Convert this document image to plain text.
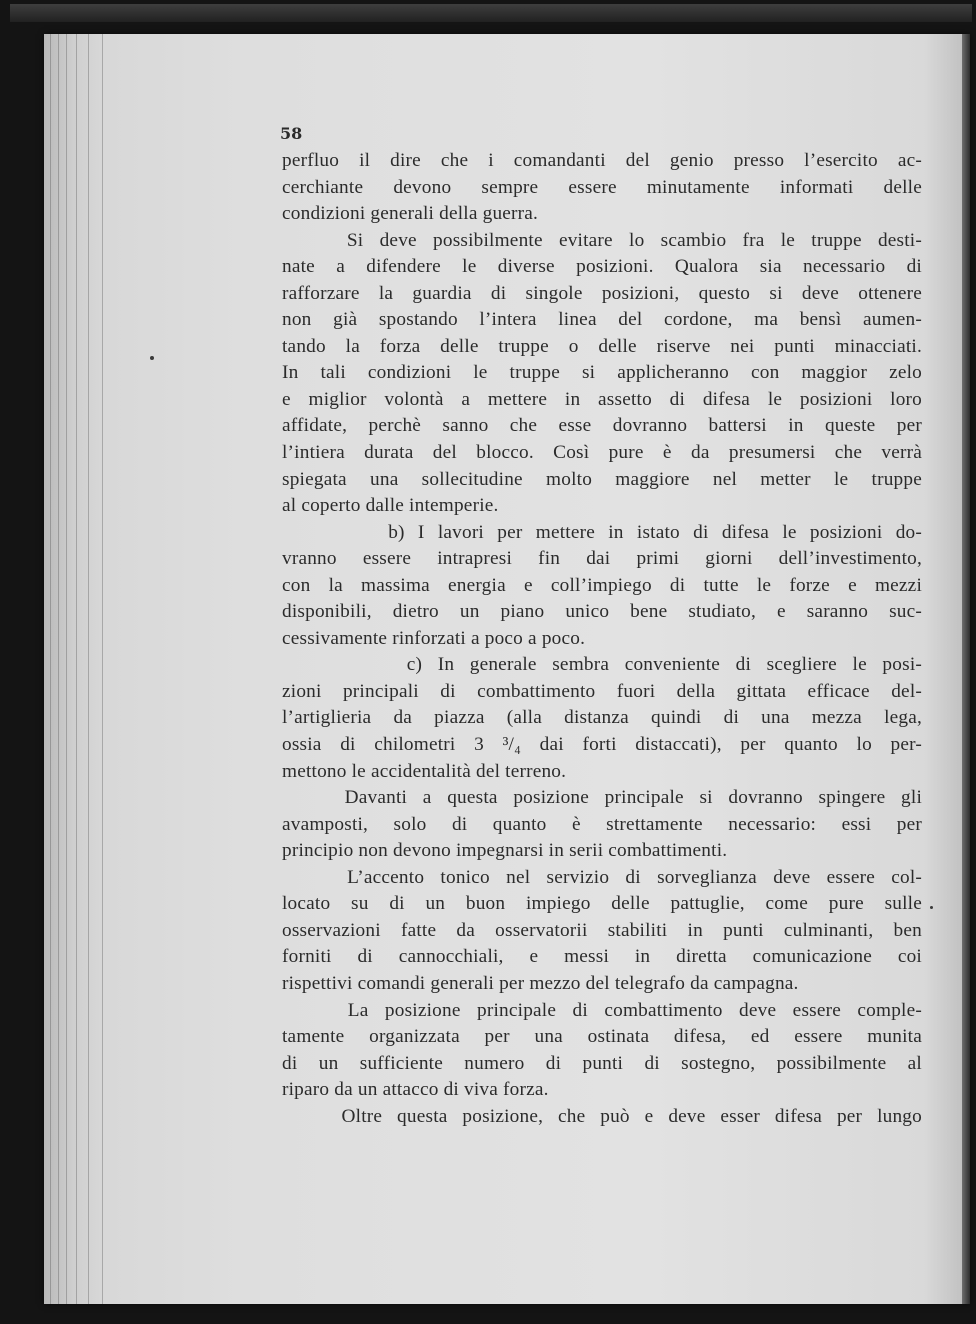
58
perfluo il dire che i comandanti del genio presso l’esercito ac-
cerchiante devono sempre essere minutamente informati delle
condizioni generali della guerra.
Si deve possibilmente evitare lo scambio fra le truppe desti-
nate a difendere le diverse posizioni. Qualora sia necessario di
rafforzare la guardia di singole posizioni, questo si deve ottenere
non già spostando l’intera linea del cordone, ma bensì aumen-
tando la forza delle truppe o delle riserve nei punti minacciati.
In tali condizioni le truppe si applicheranno con maggior zelo
e miglior volontà a mettere in assetto di difesa le posizioni loro
affidate, perchè sanno che esse dovranno battersi in queste per
l’intiera durata del blocco. Così pure è da presumersi che verrà
spiegata una sollecitudine molto maggiore nel metter le truppe
al coperto dalle intemperie.
b) I lavori per mettere in istato di difesa le posizioni do-
vranno essere intrapresi fin dai primi giorni dell’investimento,
con la massima energia e coll’impiego di tutte le forze e mezzi
disponibili, dietro un piano unico bene studiato, e saranno suc-
cessivamente rinforzati a poco a poco.
c) In generale sembra conveniente di scegliere le posi-
zioni principali di combattimento fuori della gittata efficace del-
l’artiglieria da piazza (alla distanza quindi di una mezza lega,
ossia di chilometri 3 ³/₄ dai forti distaccati), per quanto lo per-
mettono le accidentalità del terreno.
Davanti a questa posizione principale si dovranno spingere gli
avamposti, solo di quanto è strettamente necessario: essi per
principio non devono impegnarsi in serii combattimenti.
L’accento tonico nel servizio di sorveglianza deve essere col-
locato su di un buon impiego delle pattuglie, come pure sulle
osservazioni fatte da osservatorii stabiliti in punti culminanti, ben
forniti di cannocchiali, e messi in diretta comunicazione coi
rispettivi comandi generali per mezzo del telegrafo da campagna.
La posizione principale di combattimento deve essere comple-
tamente organizzata per una ostinata difesa, ed essere munita
di un sufficiente numero di punti di sostegno, possibilmente al
riparo da un attacco di viva forza.
Oltre questa posizione, che può e deve esser difesa per lungo
